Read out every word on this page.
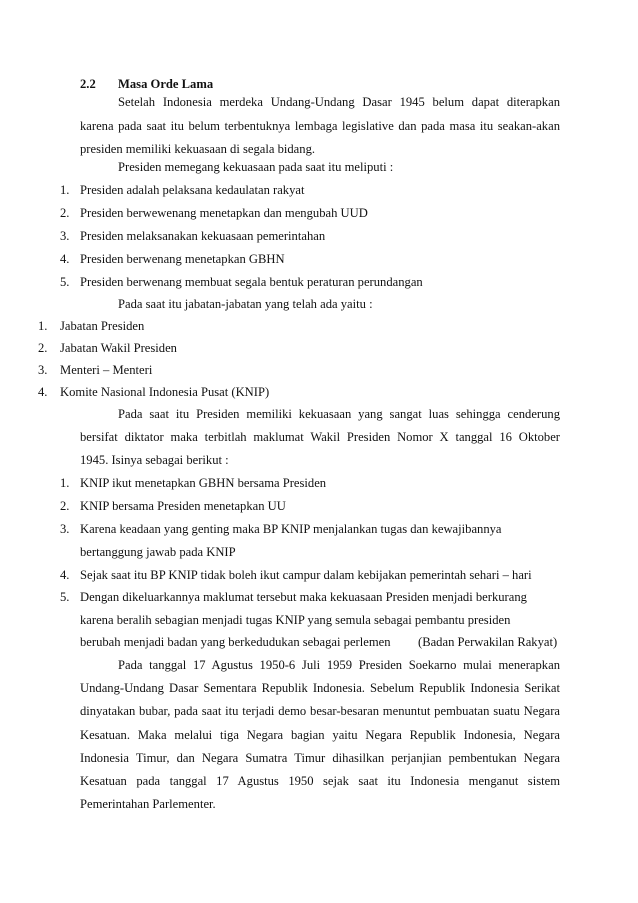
2.2 Masa Orde Lama
Setelah Indonesia merdeka Undang-Undang Dasar 1945 belum dapat diterapkan
karena pada saat itu belum terbentuknya lembaga legislative dan pada masa itu seakan-akan
presiden memiliki kekuasaan di segala bidang.
Presiden memegang kekuasaan pada saat itu meliputi :
1. Presiden adalah pelaksana kedaulatan rakyat
2. Presiden berwewenang menetapkan dan mengubah UUD
3. Presiden melaksanakan kekuasaan pemerintahan
4. Presiden berwenang menetapkan GBHN
5. Presiden berwenang membuat segala bentuk peraturan perundangan
Pada saat itu jabatan-jabatan yang telah ada yaitu :
1. Jabatan Presiden
2. Jabatan Wakil Presiden
3. Menteri – Menteri
4. Komite Nasional Indonesia Pusat (KNIP)
Pada saat itu Presiden memiliki kekuasaan yang sangat luas sehingga cenderung
bersifat diktator maka terbitlah maklumat Wakil Presiden Nomor X tanggal 16 Oktober
1945. Isinya sebagai berikut :
1. KNIP ikut menetapkan GBHN bersama Presiden
2. KNIP bersama Presiden menetapkan UU
3. Karena keadaan yang genting maka BP KNIP menjalankan tugas dan kewajibannya
bertanggung jawab pada KNIP
4. Sejak saat itu BP KNIP tidak boleh ikut campur dalam kebijakan pemerintah sehari – hari
5. Dengan dikeluarkannya maklumat tersebut maka kekuasaan Presiden menjadi berkurang
karena beralih sebagian menjadi tugas KNIP yang semula sebagai pembantu presiden
berubah menjadi badan yang berkedudukan sebagai perlemen (Badan Perwakilan Rakyat)
Pada tanggal 17 Agustus 1950-6 Juli 1959 Presiden Soekarno mulai menerapkan
Undang-Undang Dasar Sementara Republik Indonesia. Sebelum Republik Indonesia Serikat
dinyatakan bubar, pada saat itu terjadi demo besar-besaran menuntut pembuatan suatu Negara
Kesatuan. Maka melalui tiga Negara bagian yaitu Negara Republik Indonesia, Negara
Indonesia Timur, dan Negara Sumatra Timur dihasilkan perjanjian pembentukan Negara
Kesatuan pada tanggal 17 Agustus 1950 sejak saat itu Indonesia menganut sistem
Pemerintahan Parlementer.
